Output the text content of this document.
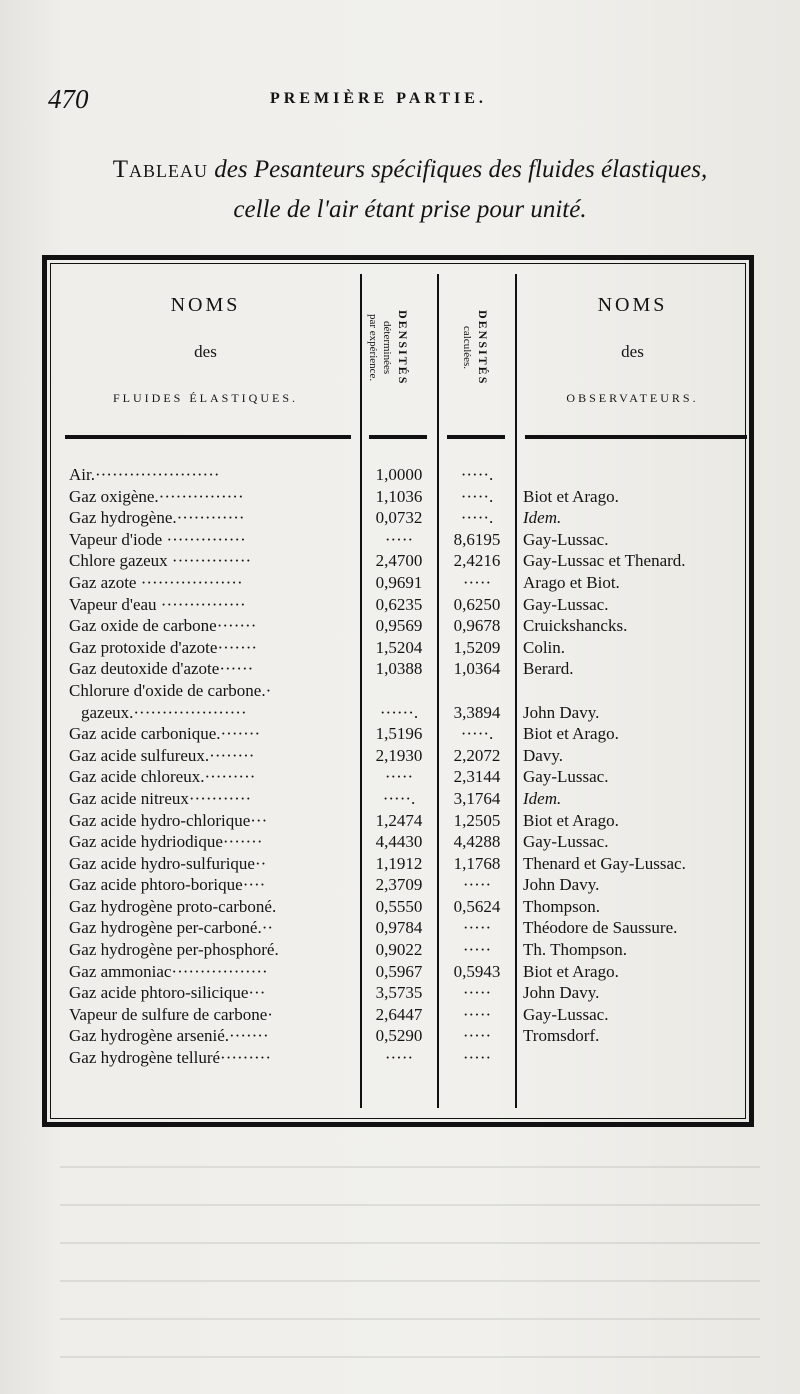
470	PREMIÈRE PARTIE.
Tableau des Pesanteurs spécifiques des fluides élastiques,
celle de l'air étant prise pour unité.
NOMS
des
FLUIDES ÉLASTIQUES.
DENSITÉS
déterminées
par expérience.	DENSITÉS
calculées.
NOMS
des
OBSERVATEURS.
Air.······················	1,0000	·····.
Gaz oxigène.···············	1,1036	·····.	Biot et Arago.
Gaz hydrogène.············	0,0732	·····.	Idem.
Vapeur d'iode ··············	·····	8,6195	Gay-Lussac.
Chlore gazeux ··············	2,4700	2,4216	Gay-Lussac et Thenard.
Gaz azote ··················	0,9691	·····	Arago et Biot.
Vapeur d'eau ···············	0,6235	0,6250	Gay-Lussac.
Gaz oxide de carbone·······	0,9569	0,9678	Cruickshancks.
Gaz protoxide d'azote·······	1,5204	1,5209	Colin.
Gaz deutoxide d'azote······	1,0388	1,0364	Berard.
Chlorure d'oxide de carbone.·
gazeux.····················	······.	3,3894	John Davy.
Gaz acide carbonique.·······	1,5196	·····.	Biot et Arago.
Gaz acide sulfureux.········	2,1930	2,2072	Davy.
Gaz acide chloreux.·········	·····	2,3144	Gay-Lussac.
Gaz acide nitreux···········	·····.	3,1764	Idem.
Gaz acide hydro-chlorique···	1,2474	1,2505	Biot et Arago.
Gaz acide hydriodique·······	4,4430	4,4288	Gay-Lussac.
Gaz acide hydro-sulfurique··	1,1912	1,1768	Thenard et Gay-Lussac.
Gaz acide phtoro-borique····	2,3709	·····	John Davy.
Gaz hydrogène proto-carboné.	0,5550	0,5624	Thompson.
Gaz hydrogène per-carboné.··	0,9784	·····	Théodore de Saussure.
Gaz hydrogène per-phosphoré.	0,9022	·····	Th. Thompson.
Gaz ammoniac·················	0,5967	0,5943	Biot et Arago.
Gaz acide phtoro-silicique···	3,5735	·····	John Davy.
Vapeur de sulfure de carbone·	2,6447	·····	Gay-Lussac.
Gaz hydrogène arsenié.·······	0,5290	·····	Tromsdorf.
Gaz hydrogène telluré·········	·····	·····
